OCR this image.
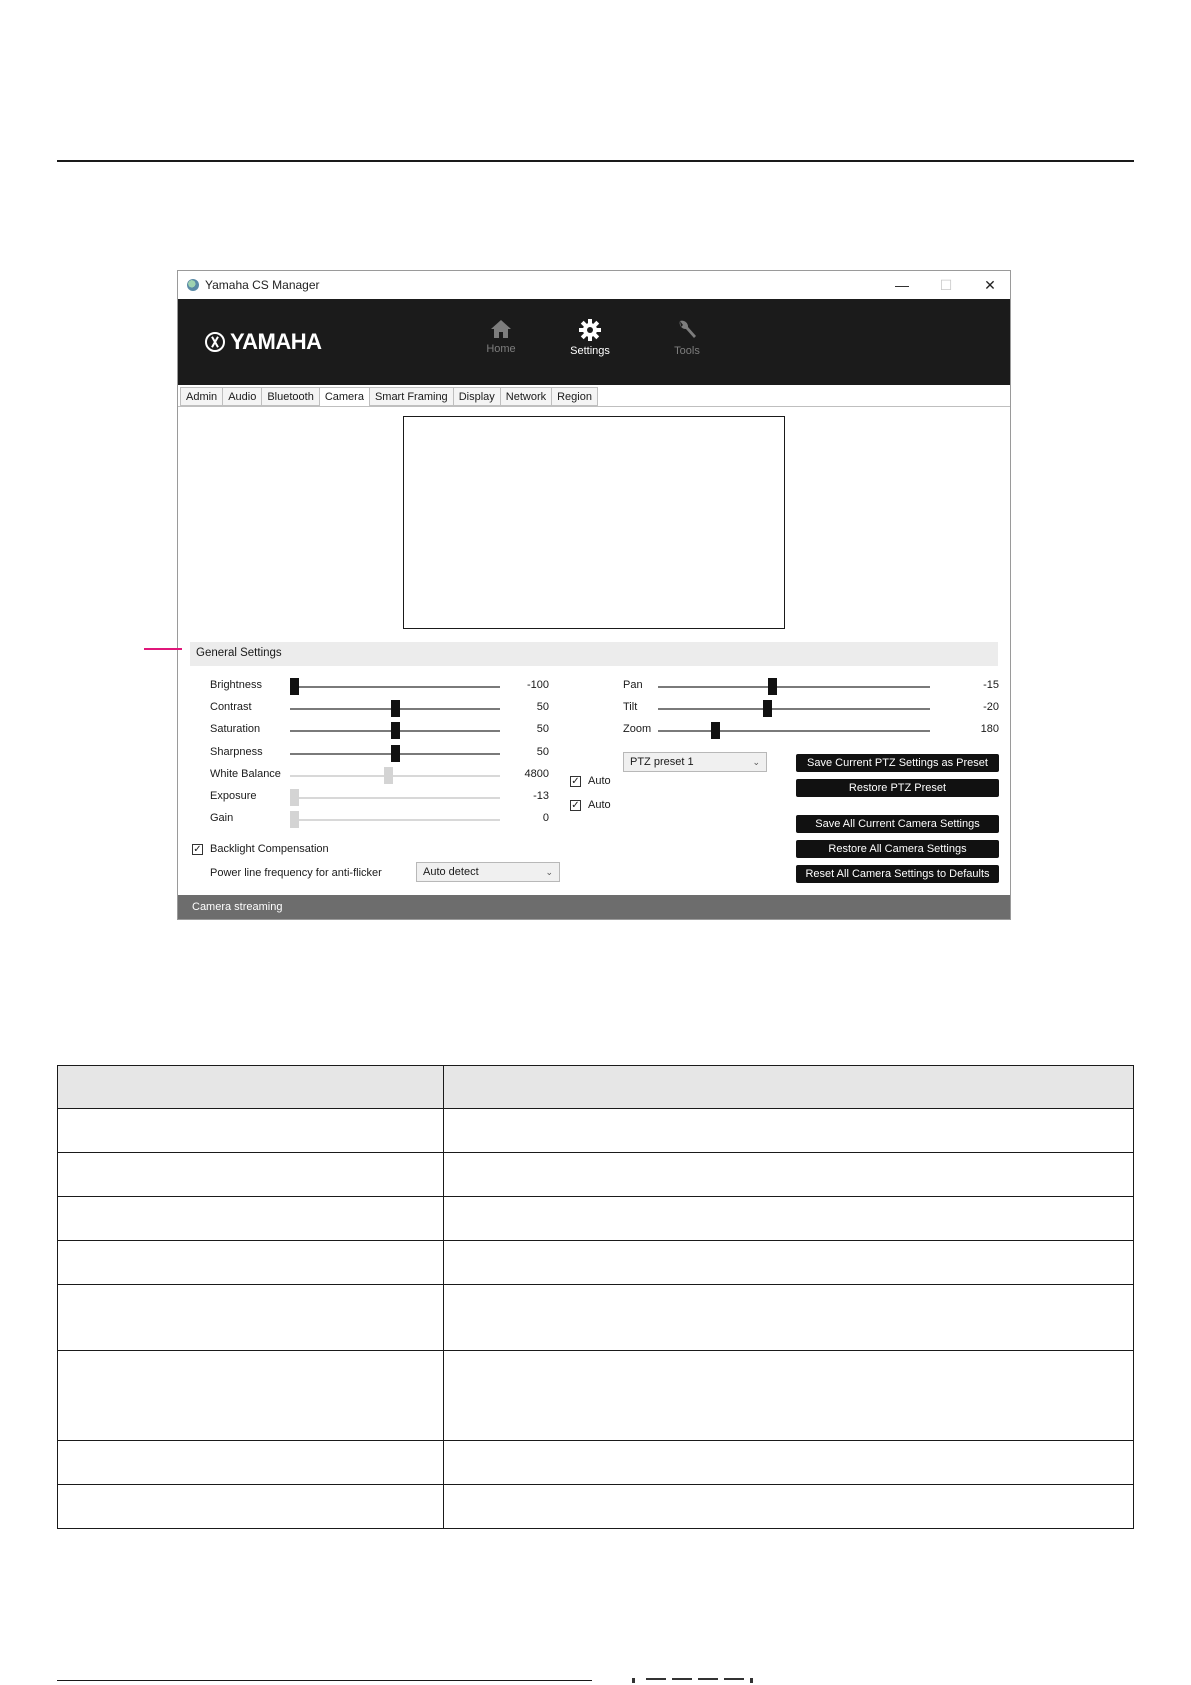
Yamaha CS Manager	—	☐	✕
YAMAHA	Home	Settings	Tools
Admin	Audio	Bluetooth	Camera	Smart Framing	Display	Network	Region
General Settings
✓ Auto
✓ Auto
✓ Backlight Compensation
Power line frequency for anti-flicker	Auto detect	⌄
PTZ preset 1	⌄	Save Current PTZ Settings as Preset
Restore PTZ Preset
Save All Current Camera Settings
Restore All Camera Settings
Reset All Camera Settings to Defaults
Camera streaming
Brightness	-100
Contrast	50
Saturation	50
Sharpness	50
White Balance	4800
Exposure	-13
Gain	0
Pan	-15
Tilt	-20
Zoom	180
